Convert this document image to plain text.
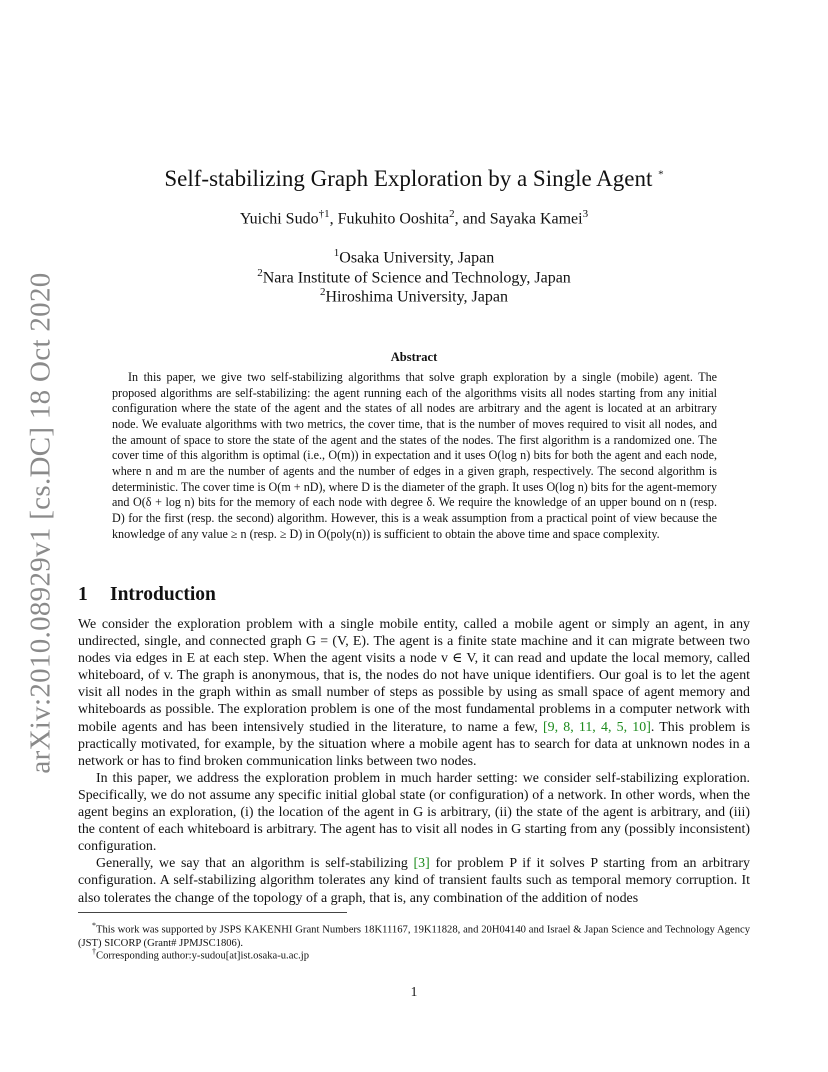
arXiv:2010.08929v1 [cs.DC] 18 Oct 2020
Self-stabilizing Graph Exploration by a Single Agent *
Yuichi Sudo$^{\dagger 1}$, Fukuhito Ooshita$^2$, and Sayaka Kamei$^3$
$^1$Osaka University, Japan
$^2$Nara Institute of Science and Technology, Japan
$^2$Hiroshima University, Japan
Abstract

In this paper, we give two self-stabilizing algorithms that solve graph exploration by a single (mobile) agent. The proposed algorithms are self-stabilizing: the agent running each of the algorithms visits all nodes starting from any initial configuration where the state of the agent and the states of all nodes are arbitrary and the agent is located at an arbitrary node. We evaluate algorithms with two metrics, the cover time, that is the number of moves required to visit all nodes, and the amount of space to store the state of the agent and the states of the nodes. The first algorithm is a randomized one. The cover time of this algorithm is optimal (i.e., O(m)) in expectation and it uses O(log n) bits for both the agent and each node, where n and m are the number of agents and the number of edges in a given graph, respectively. The second algorithm is deterministic. The cover time is O(m + nD), where D is the diameter of the graph. It uses O(log n) bits for the agent-memory and O(δ + log n) bits for the memory of each node with degree δ. We require the knowledge of an upper bound on n (resp. D) for the first (resp. the second) algorithm. However, this is a weak assumption from a practical point of view because the knowledge of any value ≥ n (resp. ≥ D) in O(poly(n)) is sufficient to obtain the above time and space complexity.

1 Introduction

We consider the exploration problem with a single mobile entity, called a mobile agent or simply an agent, in any undirected, single, and connected graph G = (V, E). The agent is a finite state machine and it can migrate between two nodes via edges in E at each step. When the agent visits a node v ∈ V, it can read and update the local memory, called whiteboard, of v. The graph is anonymous, that is, the nodes do not have unique identifiers. Our goal is to let the agent visit all nodes in the graph within as small number of steps as possible by using as small space of agent memory and whiteboards as possible. The exploration problem is one of the most fundamental problems in a computer network with mobile agents and has been intensively studied in the literature, to name a few, [9, 8, 11, 4, 5, 10]. This problem is practically motivated, for example, by the situation where a mobile agent has to search for data at unknown nodes in a network or has to find broken communication links between two nodes.

In this paper, we address the exploration problem in much harder setting: we consider self-stabilizing exploration. Specifically, we do not assume any specific initial global state (or configuration) of a network. In other words, when the agent begins an exploration, (i) the location of the agent in G is arbitrary, (ii) the state of the agent is arbitrary, and (iii) the content of each whiteboard is arbitrary. The agent has to visit all nodes in G starting from any (possibly inconsistent) configuration.

Generally, we say that an algorithm is self-stabilizing [3] for problem P if it solves P starting from an arbitrary configuration. A self-stabilizing algorithm tolerates any kind of transient faults such as temporal memory corruption. It also tolerates the change of the topology of a graph, that is, any combination of the addition of nodes

*This work was supported by JSPS KAKENHI Grant Numbers 18K11167, 19K11828, and 20H04140 and Israel & Japan Science and Technology Agency (JST) SICORP (Grant# JPMJSC1806).
†Corresponding author:y-sudou[at]ist.osaka-u.ac.jp
1
